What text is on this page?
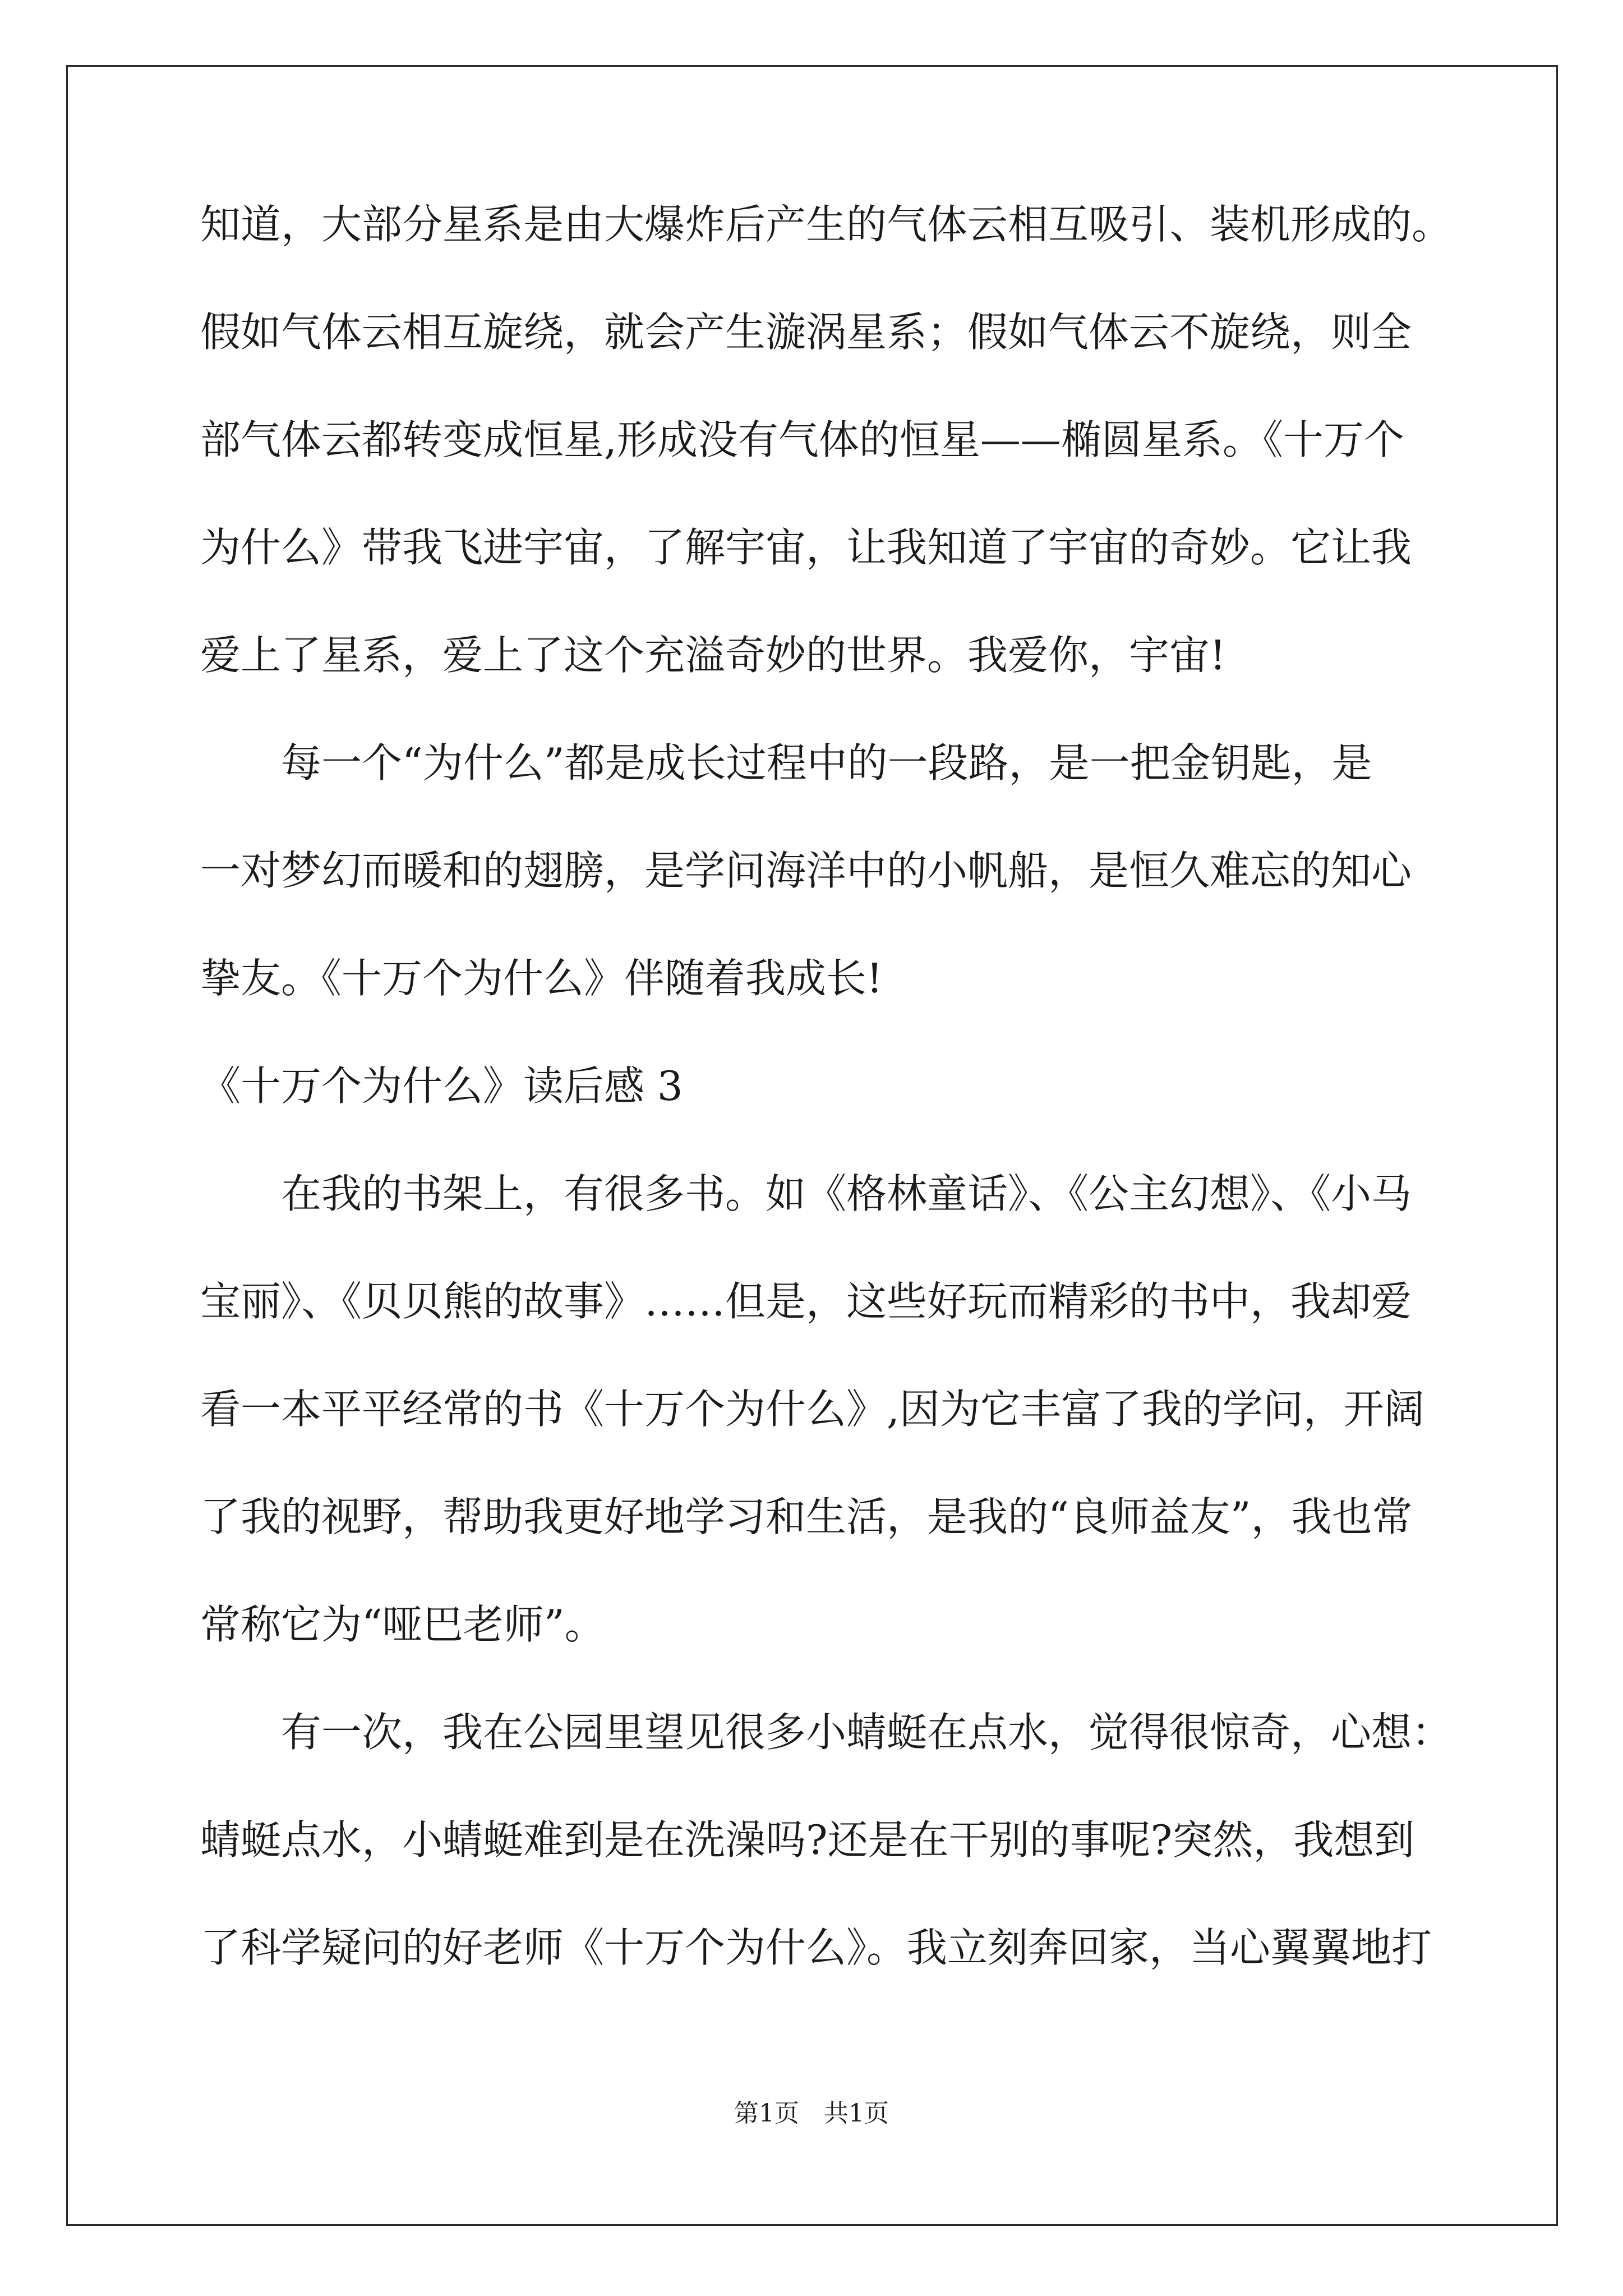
知道，大部分星系是由大爆炸后产生的气体云相互吸引、装机形成的。
假如气体云相互旋绕，就会产生漩涡星系；假如气体云不旋绕，则全
部气体云都转变成恒星,形成没有气体的恒星——椭圆星系。《十万个
为什么》带我飞进宇宙，了解宇宙，让我知道了宇宙的奇妙。它让我
爱上了星系，爱上了这个充溢奇妙的世界。我爱你，宇宙!
每一个“为什么”都是成长过程中的一段路，是一把金钥匙，是
一对梦幻而暖和的翅膀，是学问海洋中的小帆船，是恒久难忘的知心
挚友。《十万个为什么》伴随着我成长!
《十万个为什么》读后感 3
在我的书架上，有很多书。如《格林童话》、《公主幻想》、《小马
宝丽》、《贝贝熊的故事》……但是，这些好玩而精彩的书中，我却爱
看一本平平经常的书《十万个为什么》,因为它丰富了我的学问，开阔
了我的视野，帮助我更好地学习和生活，是我的“良师益友”，我也常
常称它为“哑巴老师”。
有一次，我在公园里望见很多小蜻蜓在点水，觉得很惊奇，心想：
蜻蜓点水，小蜻蜓难到是在洗澡吗?还是在干别的事呢?突然，我想到
了科学疑问的好老师《十万个为什么》。我立刻奔回家，当心翼翼地打
第1页　共1页
